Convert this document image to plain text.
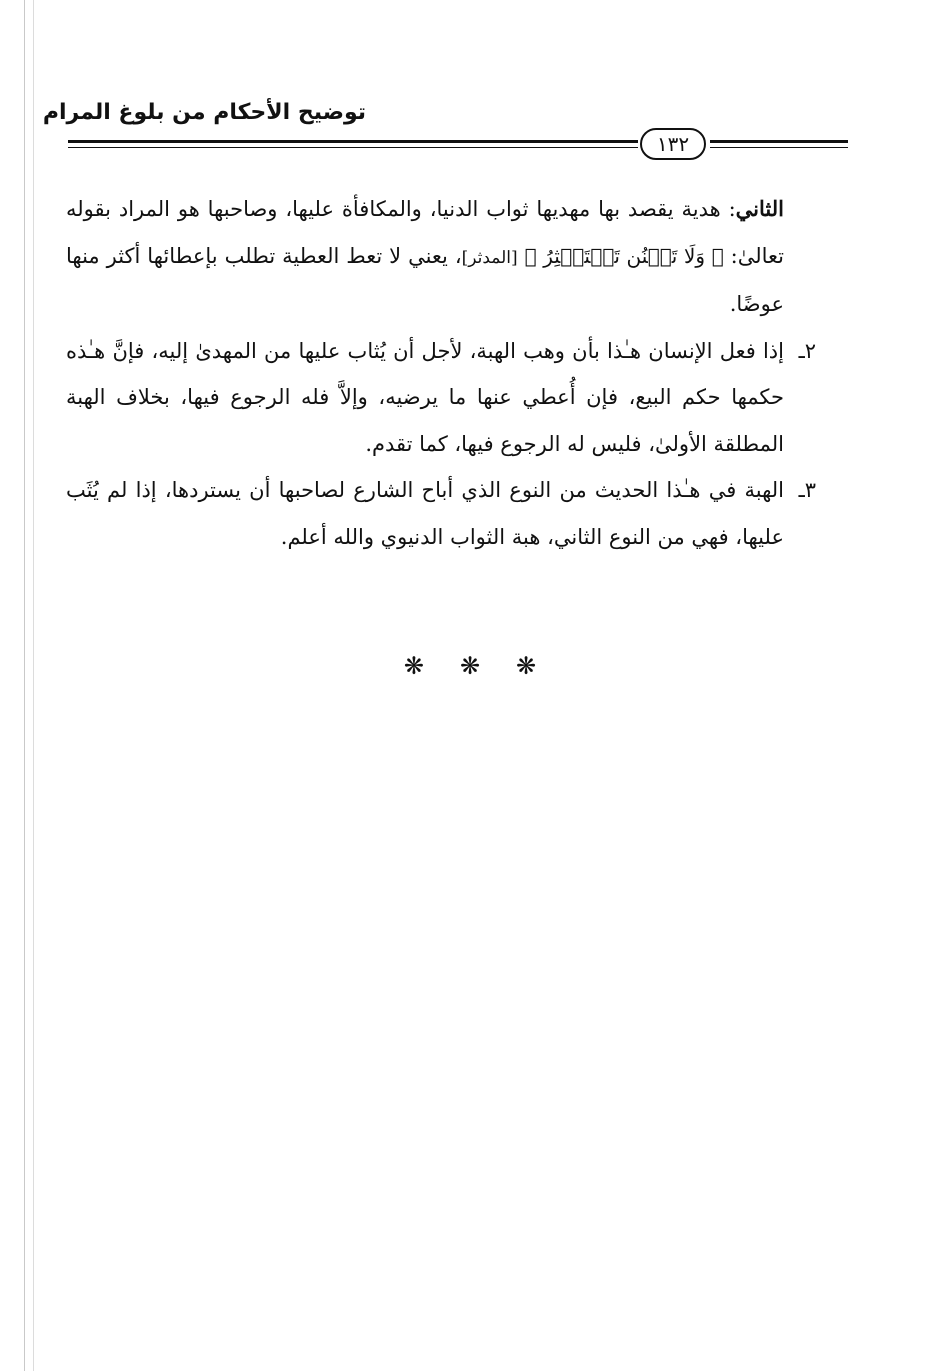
توضيح الأحكام من بلوغ المرام
١٣٢

الثاني: هدية يقصد بها مهديها ثواب الدنيا، والمكافأة عليها، وصاحبها هو المراد بقوله تعالىٰ: ﴿ وَلَا تَمۡنُن تَسۡتَكۡثِرُ ﴾ [المدثر]، يعني لا تعط العطية تطلب بإعطائها أكثر منها عوضًا.

٢ـ
إذا فعل الإنسان هـٰذا بأن وهب الهبة، لأجل أن يُثاب عليها من المهدىٰ إليه، فإنَّ هـٰذه حكمها حكم البيع، فإن أُعطي عنها ما يرضيه، وإلاَّ فله الرجوع فيها، بخلاف الهبة المطلقة الأولىٰ، فليس له الرجوع فيها، كما تقدم.

٣ـ
الهبة في هـٰذا الحديث من النوع الذي أباح الشارع لصاحبها أن يستردها، إذا لم يُثَب عليها، فهي من النوع الثاني، هبة الثواب الدنيوي والله أعلم.

❋ ❋ ❋
